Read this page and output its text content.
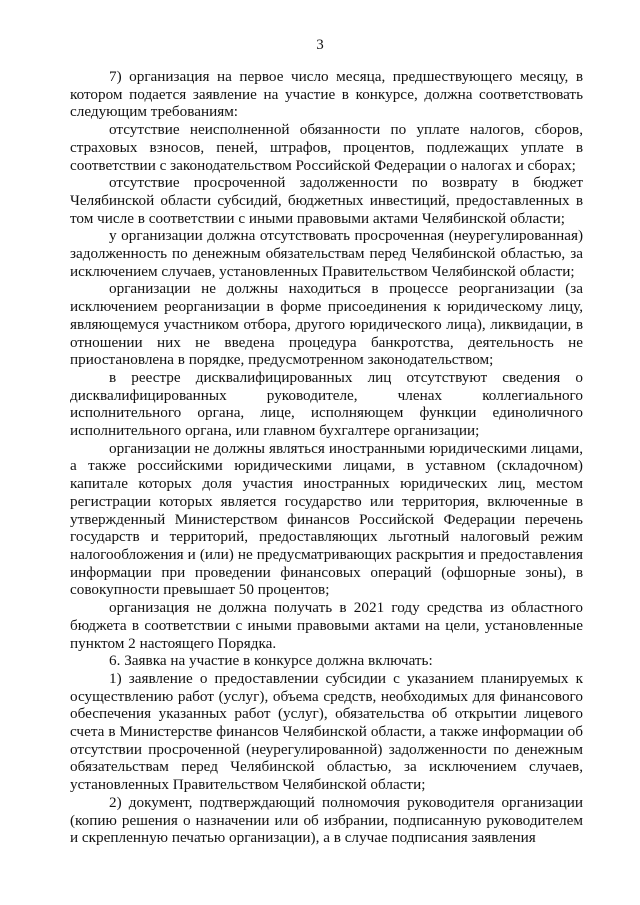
3

7) организация на первое число месяца, предшествующего месяцу, в котором подается заявление на участие в конкурсе, должна соответствовать следующим требованиям:

отсутствие неисполненной обязанности по уплате налогов, сборов, страховых взносов, пеней, штрафов, процентов, подлежащих уплате в соответствии с законодательством Российской Федерации о налогах и сборах;

отсутствие просроченной задолженности по возврату в бюджет Челябинской области субсидий, бюджетных инвестиций, предоставленных в том числе в соответствии с иными правовыми актами Челябинской области;

у организации должна отсутствовать просроченная (неурегулированная) задолженность по денежным обязательствам перед Челябинской областью, за исключением случаев, установленных Правительством Челябинской области;

организации не должны находиться в процессе реорганизации (за исключением реорганизации в форме присоединения к юридическому лицу, являющемуся участником отбора, другого юридического лица), ликвидации, в отношении них не введена процедура банкротства, деятельность не приостановлена в порядке, предусмотренном законодательством;

в реестре дисквалифицированных лиц отсутствуют сведения о дисквалифицированных руководителе, членах коллегиального исполнительного органа, лице, исполняющем функции единоличного исполнительного органа, или главном бухгалтере организации;

организации не должны являться иностранными юридическими лицами, а также российскими юридическими лицами, в уставном (складочном) капитале которых доля участия иностранных юридических лиц, местом регистрации которых является государство или территория, включенные в утвержденный Министерством финансов Российской Федерации перечень государств и территорий, предоставляющих льготный налоговый режим налогообложения и (или) не предусматривающих раскрытия и предоставления информации при проведении финансовых операций (офшорные зоны), в совокупности превышает 50 процентов;

организация не должна получать в 2021 году средства из областного бюджета в соответствии с иными правовыми актами на цели, установленные пунктом 2 настоящего Порядка.

6. Заявка на участие в конкурсе должна включать:

1) заявление о предоставлении субсидии с указанием планируемых к осуществлению работ (услуг), объема средств, необходимых для финансового обеспечения указанных работ (услуг), обязательства об открытии лицевого счета в Министерстве финансов Челябинской области, а также информации об отсутствии просроченной (неурегулированной) задолженности по денежным обязательствам перед Челябинской областью, за исключением случаев, установленных Правительством Челябинской области;

2) документ, подтверждающий полномочия руководителя организации (копию решения о назначении или об избрании, подписанную руководителем и скрепленную печатью организации), а в случае подписания заявления
